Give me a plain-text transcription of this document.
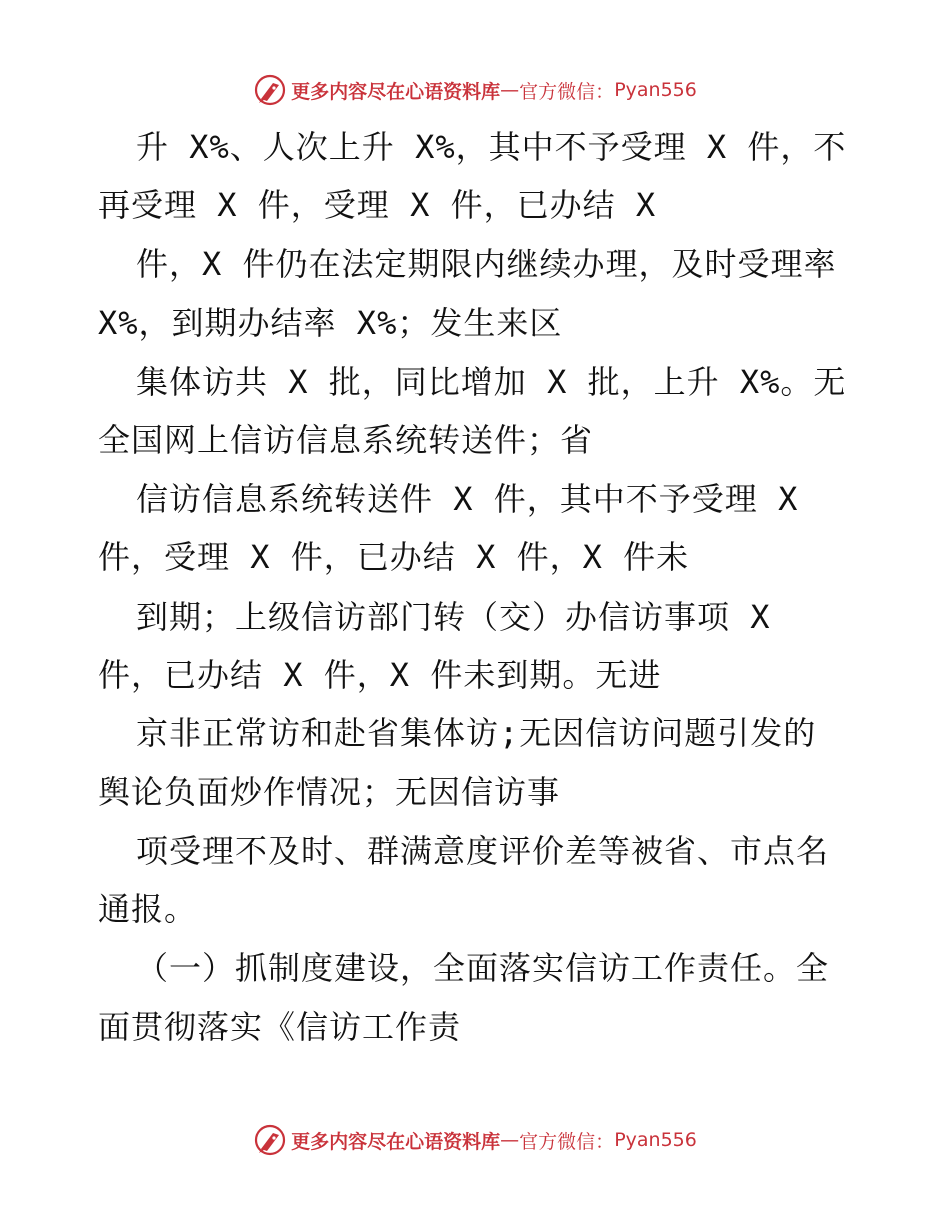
更多内容尽在心语资料库 — 官方微信： Pyan556
升 X%、人次上升 X%，其中不予受理 X 件，不
再受理 X 件，受理 X 件，已办结 X
件，X 件仍在法定期限内继续办理，及时受理率
X%，到期办结率 X%；发生来区
集体访共 X 批，同比增加 X 批，上升 X%。无
全国网上信访信息系统转送件；省
信访信息系统转送件 X 件，其中不予受理 X
件，受理 X 件，已办结 X 件，X 件未
到期；上级信访部门转（交）办信访事项 X
件，已办结 X 件，X 件未到期。无进
京非正常访和赴省集体访;无因信访问题引发的
舆论负面炒作情况；无因信访事
项受理不及时、群满意度评价差等被省、市点名
通报。
（一）抓制度建设，全面落实信访工作责任。全
面贯彻落实《信访工作责
更多内容尽在心语资料库 — 官方微信： Pyan556
